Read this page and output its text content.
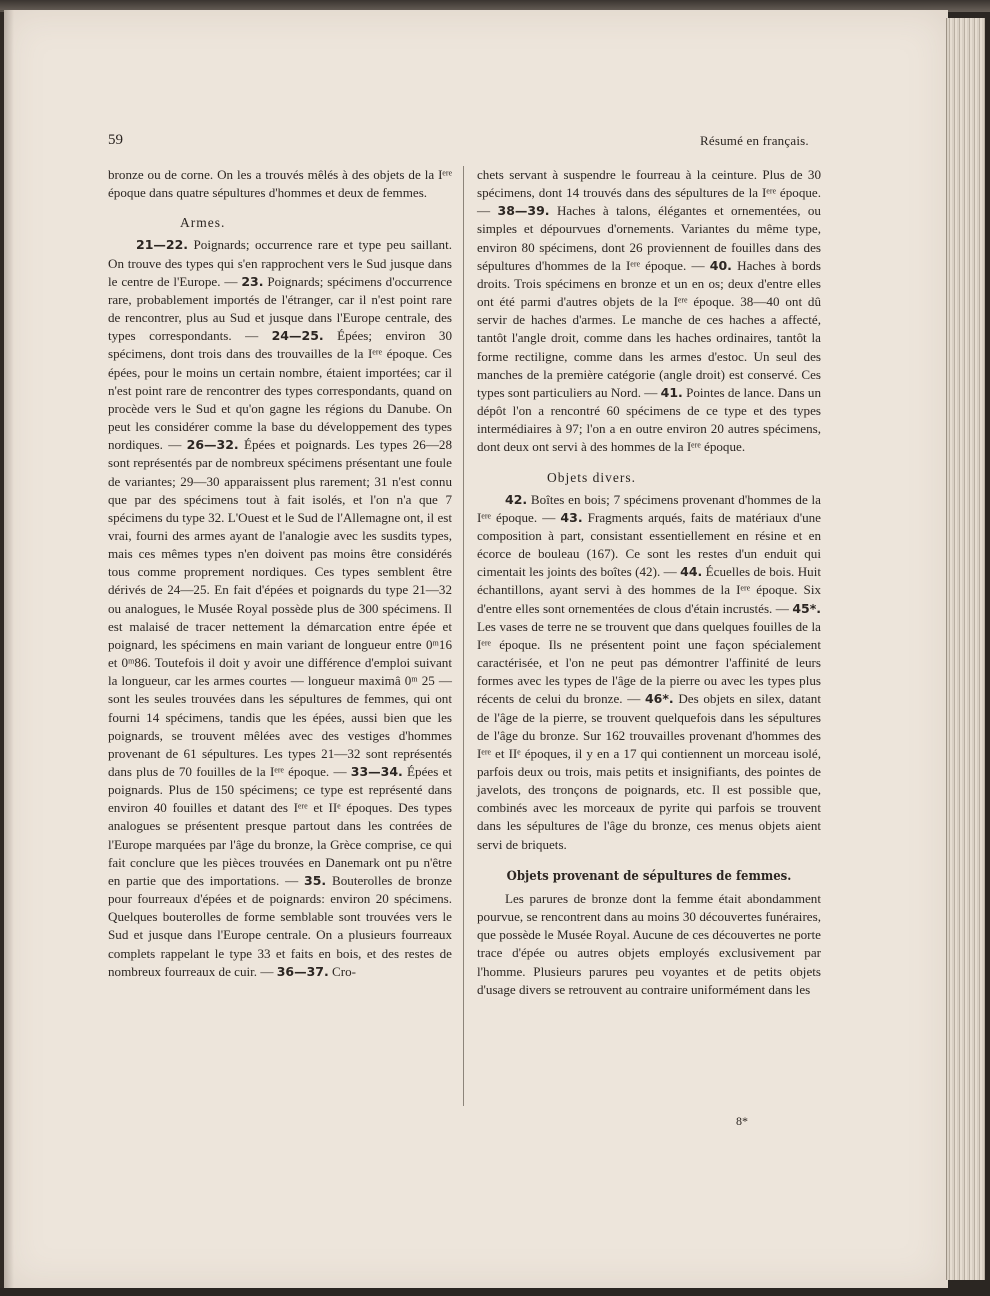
59	Résumé en français.

bronze ou de corne. On les a trouvés mêlés à des objets de la Iᵉʳᵉ époque dans quatre sépultures d'hommes et deux de femmes.

Armes.

21—22. Poignards; occurrence rare et type peu saillant. On trouve des types qui s'en rapprochent vers le Sud jusque dans le centre de l'Europe. — 23. Poignards; spécimens d'occurrence rare, probablement importés de l'étranger, car il n'est point rare de rencontrer, plus au Sud et jusque dans l'Europe centrale, des types correspondants. — 24—25. Épées; environ 30 spécimens, dont trois dans des trouvailles de la Iᵉʳᵉ époque. Ces épées, pour le moins un certain nombre, étaient importées; car il n'est point rare de rencontrer des types correspondants, quand on procède vers le Sud et qu'on gagne les régions du Danube. On peut les considérer comme la base du développement des types nordiques. — 26—32. Épées et poignards. Les types 26—28 sont représentés par de nombreux spécimens présentant une foule de variantes; 29—30 apparaissent plus rarement; 31 n'est connu que par des spécimens tout à fait isolés, et l'on n'a que 7 spécimens du type 32. L'Ouest et le Sud de l'Allemagne ont, il est vrai, fourni des armes ayant de l'analogie avec les susdits types, mais ces mêmes types n'en doivent pas moins être considérés tous comme proprement nordiques. Ces types semblent être dérivés de 24—25. En fait d'épées et poignards du type 21—32 ou analogues, le Musée Royal possède plus de 300 spécimens. Il est malaisé de tracer nettement la démarcation entre épée et poignard, les spécimens en main variant de longueur entre 0ᵐ16 et 0ᵐ86. Toutefois il doit y avoir une différence d'emploi suivant la longueur, car les armes courtes — longueur maximâ 0ᵐ 25 — sont les seules trouvées dans les sépultures de femmes, qui ont fourni 14 spécimens, tandis que les épées, aussi bien que les poignards, se trouvent mêlées avec des vestiges d'hommes provenant de 61 sépultures. Les types 21—32 sont représentés dans plus de 70 fouilles de la Iᵉʳᵉ époque. — 33—34. Épées et poignards. Plus de 150 spécimens; ce type est représenté dans environ 40 fouilles et datant des Iᵉʳᵉ et IIᵉ époques. Des types analogues se présentent presque partout dans les contrées de l'Europe marquées par l'âge du bronze, la Grèce comprise, ce qui fait conclure que les pièces trouvées en Danemark ont pu n'être en partie que des importations. — 35. Bouterolles de bronze pour fourreaux d'épées et de poignards: environ 20 spécimens. Quelques bouterolles de forme semblable sont trouvées vers le Sud et jusque dans l'Europe centrale. On a plusieurs fourreaux complets rappelant le type 33 et faits en bois, et des restes de nombreux fourreaux de cuir. — 36—37. Cro-

chets servant à suspendre le fourreau à la ceinture. Plus de 30 spécimens, dont 14 trouvés dans des sépultures de la Iᵉʳᵉ époque. — 38—39. Haches à talons, élégantes et ornementées, ou simples et dépourvues d'ornements. Variantes du même type, environ 80 spécimens, dont 26 proviennent de fouilles dans des sépultures d'hommes de la Iᵉʳᵉ époque. — 40. Haches à bords droits. Trois spécimens en bronze et un en os; deux d'entre elles ont été parmi d'autres objets de la Iᵉʳᵉ époque. 38—40 ont dû servir de haches d'armes. Le manche de ces haches a affecté, tantôt l'angle droit, comme dans les haches ordinaires, tantôt la forme rectiligne, comme dans les armes d'estoc. Un seul des manches de la première catégorie (angle droit) est conservé. Ces types sont particuliers au Nord. — 41. Pointes de lance. Dans un dépôt l'on a rencontré 60 spécimens de ce type et des types intermédiaires à 97; l'on a en outre environ 20 autres spécimens, dont deux ont servi à des hommes de la Iᵉʳᵉ époque.

Objets divers.

42. Boîtes en bois; 7 spécimens provenant d'hommes de la Iᵉʳᵉ époque. — 43. Fragments arqués, faits de matériaux d'une composition à part, consistant essentiellement en résine et en écorce de bouleau (167). Ce sont les restes d'un enduit qui cimentait les joints des boîtes (42). — 44. Écuelles de bois. Huit échantillons, ayant servi à des hommes de la Iᵉʳᵉ époque. Six d'entre elles sont ornementées de clous d'étain incrustés. — 45*. Les vases de terre ne se trouvent que dans quelques fouilles de la Iᵉʳᵉ époque. Ils ne présentent point une façon spécialement caractérisée, et l'on ne peut pas démontrer l'affinité de leurs formes avec les types de l'âge de la pierre ou avec les types plus récents de celui du bronze. — 46*. Des objets en silex, datant de l'âge de la pierre, se trouvent quelquefois dans les sépultures de l'âge du bronze. Sur 162 trouvailles provenant d'hommes des Iᵉʳᵉ et IIᵉ époques, il y en a 17 qui contiennent un morceau isolé, parfois deux ou trois, mais petits et insignifiants, des pointes de javelots, des tronçons de poignards, etc. Il est possible que, combinés avec les morceaux de pyrite qui parfois se trouvent dans les sépultures de l'âge du bronze, ces menus objets aient servi de briquets.

Objets provenant de sépultures de femmes.

Les parures de bronze dont la femme était abondamment pourvue, se rencontrent dans au moins 30 découvertes funéraires, que possède le Musée Royal. Aucune de ces découvertes ne porte trace d'épée ou autres objets employés exclusivement par l'homme. Plusieurs parures peu voyantes et de petits objets d'usage divers se retrouvent au contraire uniformément dans les

8*
